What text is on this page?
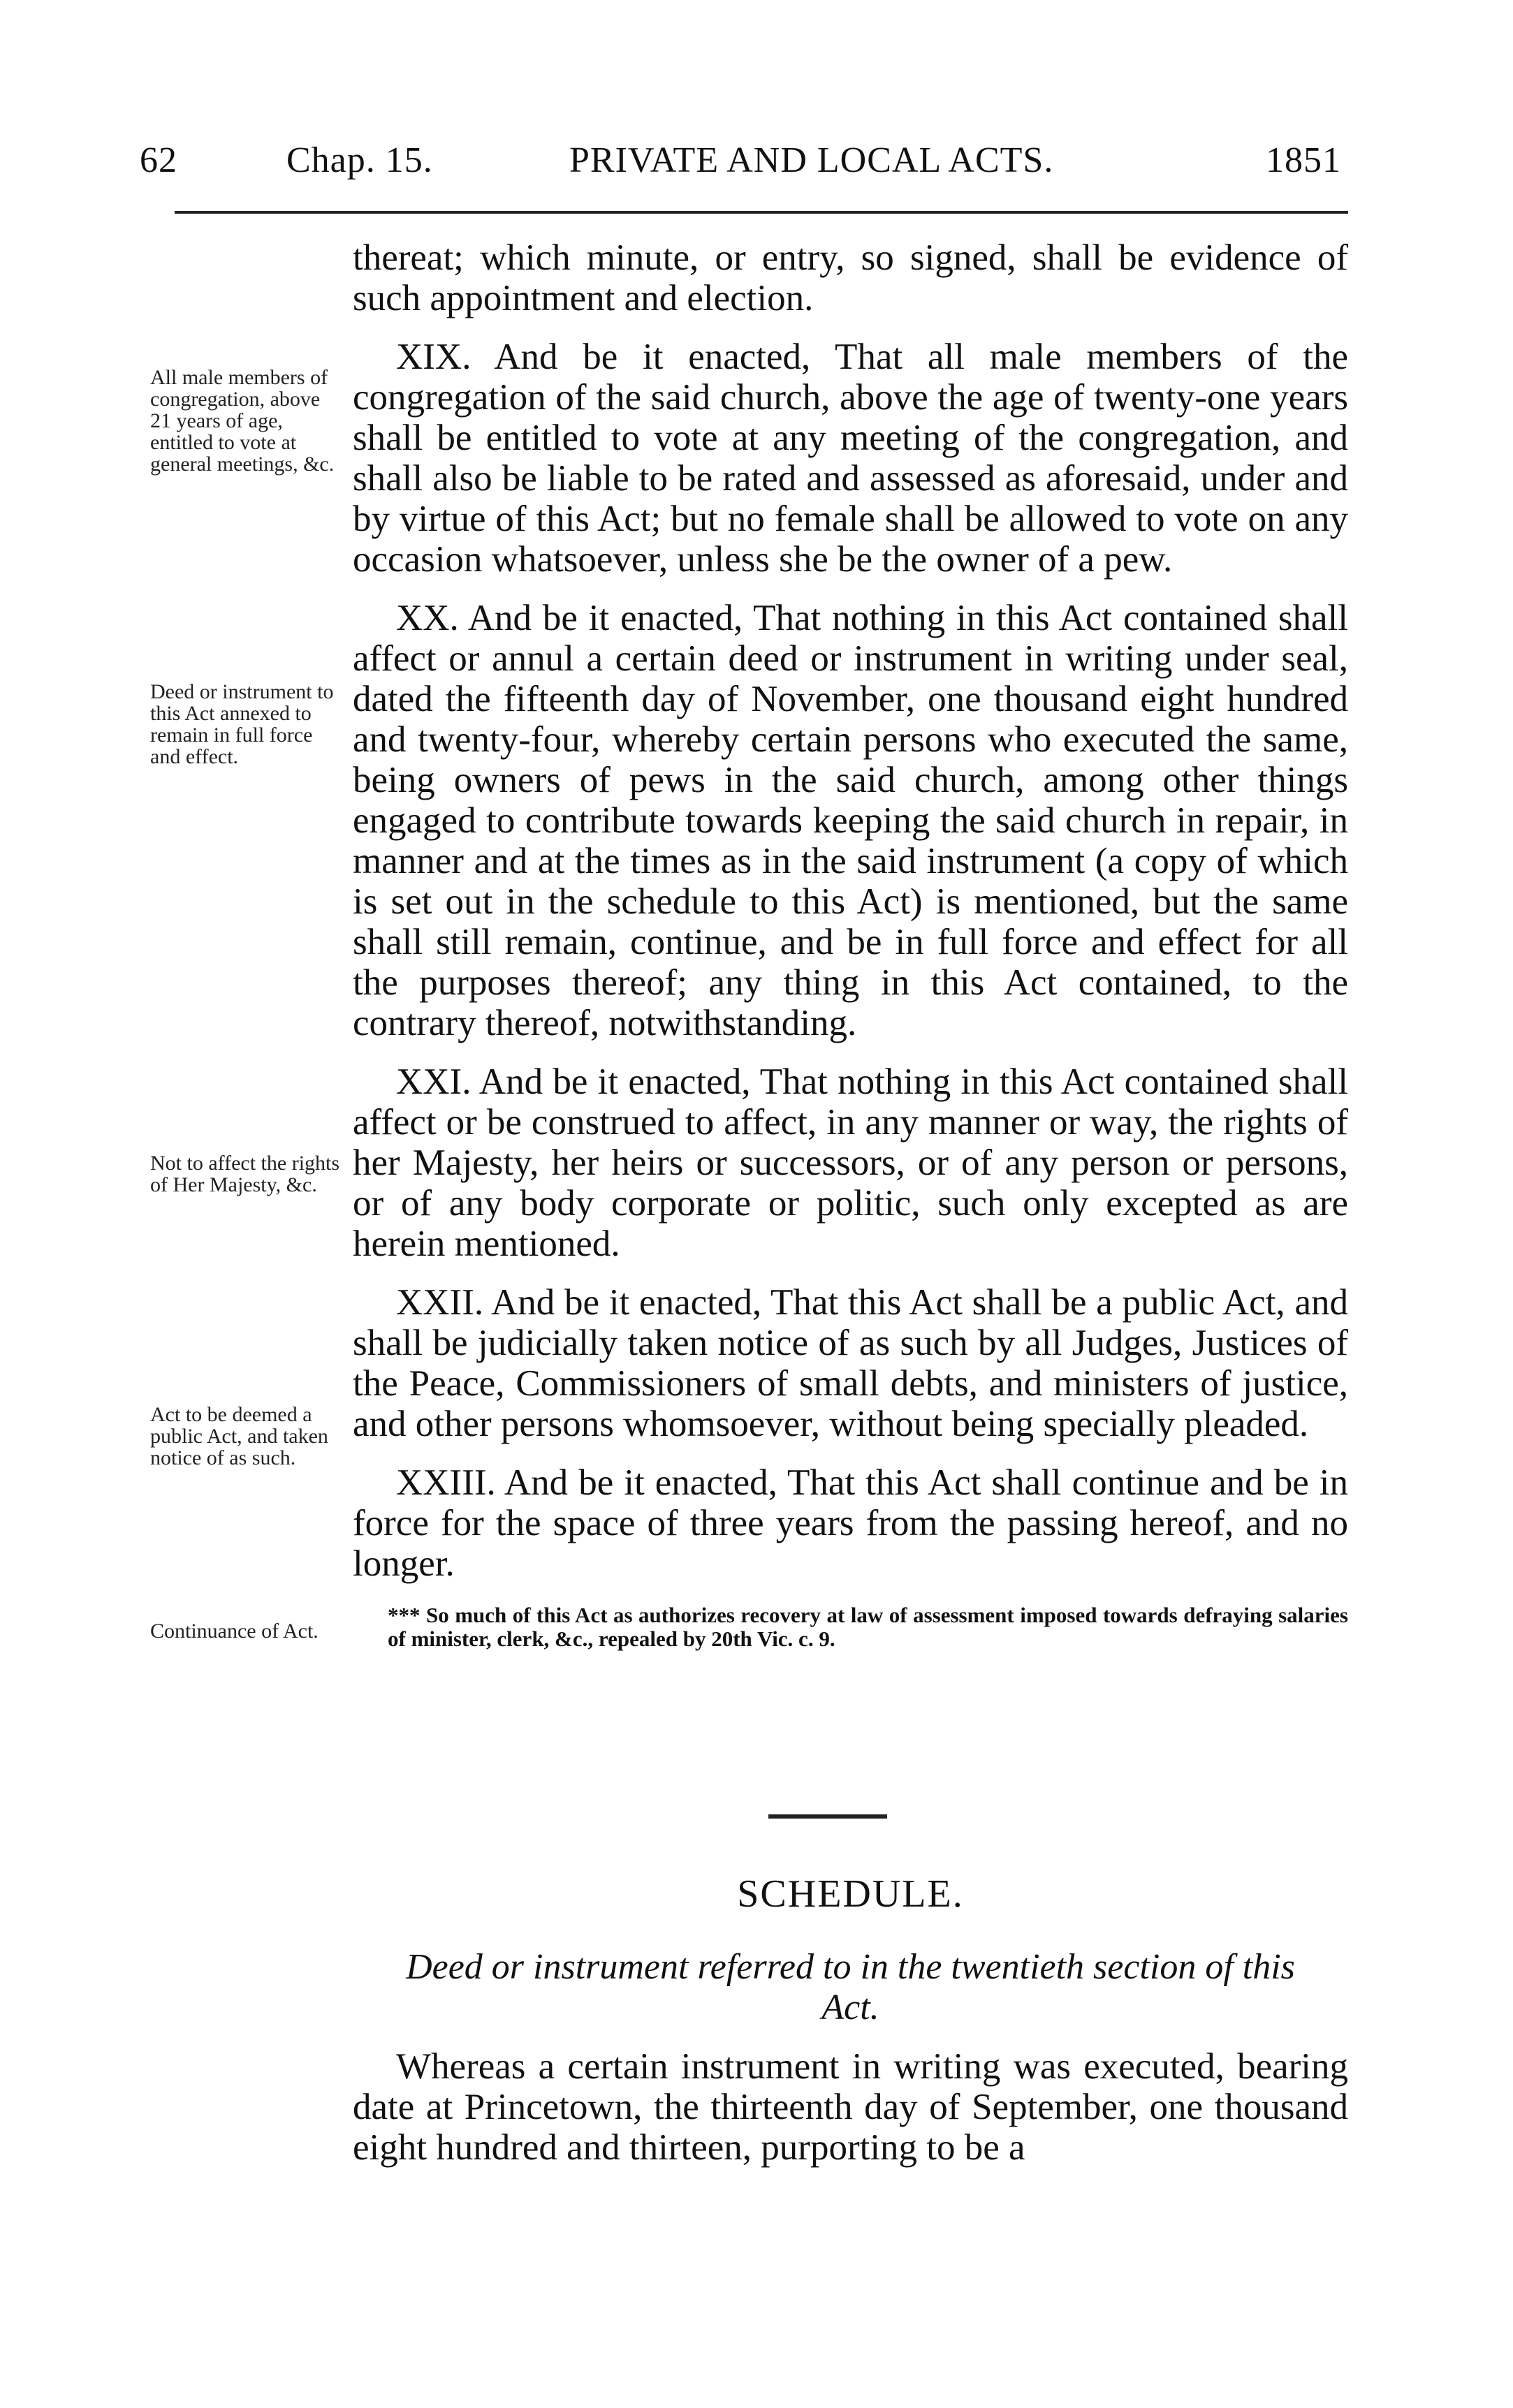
62	Chap. 15.	PRIVATE AND LOCAL ACTS.	1851
All male members of congregation, above 21 years of age, entitled to vote at general meetings, &c.
Deed or instrument to this Act annexed to remain in full force and effect.
Not to affect the rights of Her Majesty, &c.
Act to be deemed a public Act, and taken notice of as such.
Continuance of Act.

thereat; which minute, or entry, so signed, shall be evidence of such appointment and election.

XIX. And be it enacted, That all male members of the congregation of the said church, above the age of twenty-one years shall be entitled to vote at any meeting of the congregation, and shall also be liable to be rated and assessed as aforesaid, under and by virtue of this Act; but no female shall be allowed to vote on any occasion whatsoever, unless she be the owner of a pew.

XX. And be it enacted, That nothing in this Act contained shall affect or annul a certain deed or instrument in writing under seal, dated the fifteenth day of November, one thousand eight hundred and twenty-four, whereby certain persons who executed the same, being owners of pews in the said church, among other things engaged to contribute towards keeping the said church in repair, in manner and at the times as in the said instrument (a copy of which is set out in the schedule to this Act) is mentioned, but the same shall still remain, continue, and be in full force and effect for all the purposes thereof; any thing in this Act contained, to the contrary thereof, notwithstanding.

XXI. And be it enacted, That nothing in this Act contained shall affect or be construed to affect, in any manner or way, the rights of her Majesty, her heirs or successors, or of any person or persons, or of any body corporate or politic, such only excepted as are herein mentioned.

XXII. And be it enacted, That this Act shall be a public Act, and shall be judicially taken notice of as such by all Judges, Justices of the Peace, Commissioners of small debts, and ministers of justice, and other persons whomsoever, without being specially pleaded.

XXIII. And be it enacted, That this Act shall continue and be in force for the space of three years from the passing hereof, and no longer.

*** So much of this Act as authorizes recovery at law of assessment imposed towards defraying salaries of minister, clerk, &c., repealed by 20th Vic. c. 9.

SCHEDULE.

Deed or instrument referred to in the twentieth section of this Act.

Whereas a certain instrument in writing was executed, bearing date at Princetown, the thirteenth day of September, one thousand eight hundred and thirteen, purporting to be a
